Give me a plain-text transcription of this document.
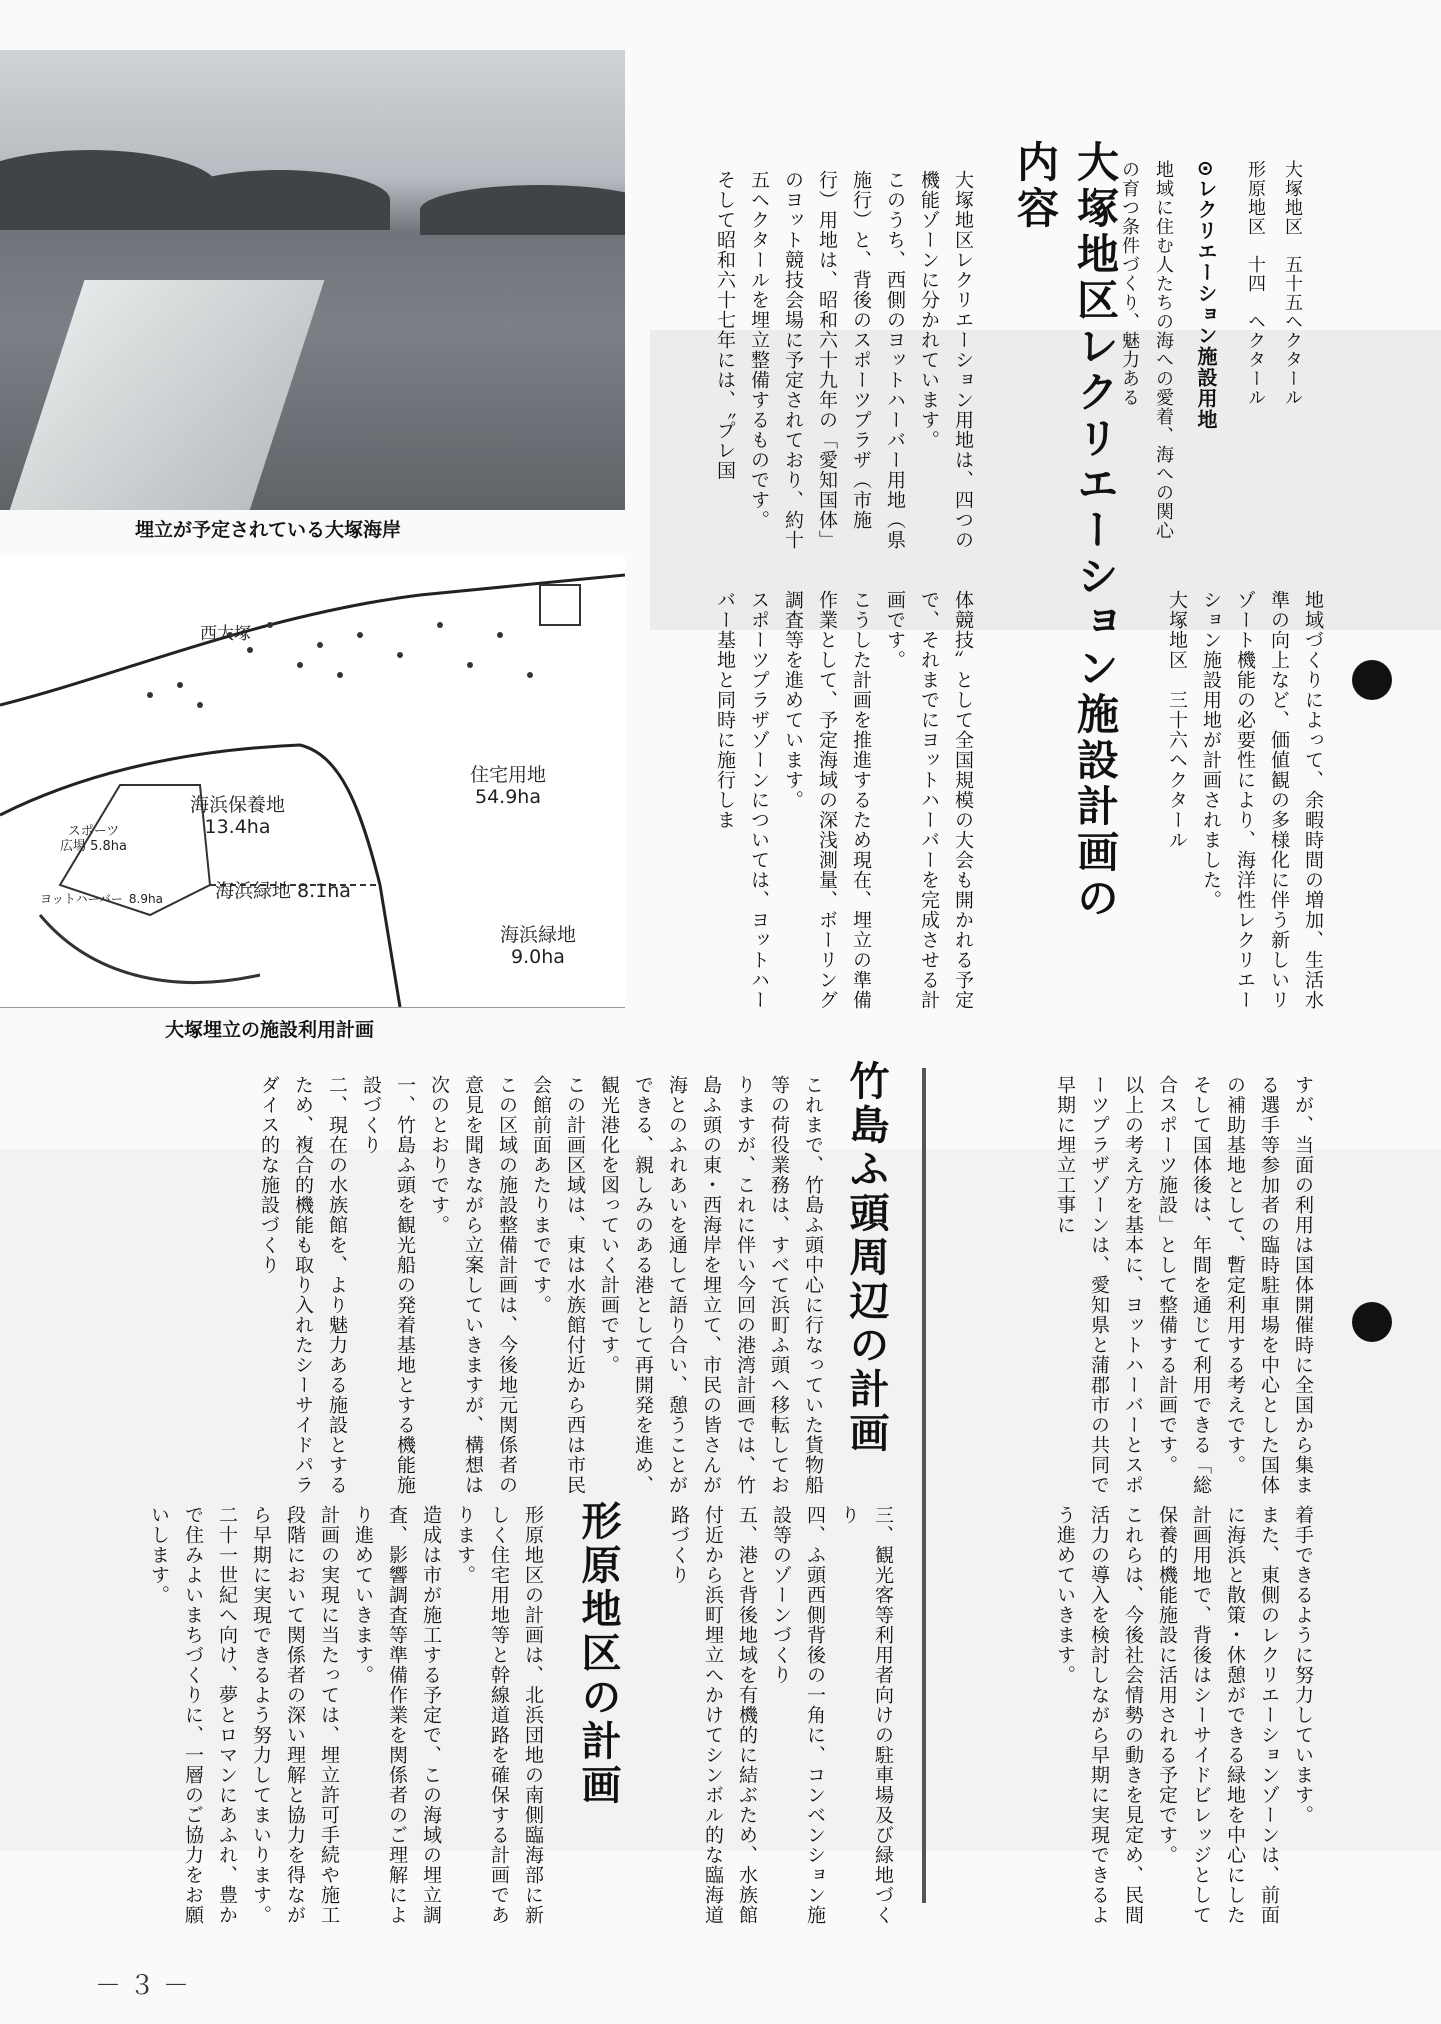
埋立が予定されている大塚海岸
西大塚
住宅用地
54.9ha
海浜保養地
13.4ha
スポーツ
広場 5.8ha
ヨットハーバー 8.9ha	海浜緑地 8.1ha
海浜緑地
9.0ha
大塚埋立の施設利用計画
大塚地区　五十五ヘクタール
形原地区　十四　ヘクタール
⊙レクリエーション施設用地
地域に住む人たちの海への愛着、海への関心の育つ条件づくり、魅力ある
大塚地区レクリエーション施設計画の内容
大塚地区レクリエーション用地は、四つの機能ゾーンに分かれています。
このうち、西側のヨットハーバー用地（県施行）と、背後のスポーツプラザ（市施行）用地は、昭和六十九年の「愛知国体」のヨット競技会場に予定されており、約十五ヘクタールを埋立整備するものです。
そして昭和六十七年には、〝プレ国
体競技〟として全国規模の大会も開かれる予定で、それまでにヨットハーバーを完成させる計画です。
こうした計画を推進するため現在、埋立の準備作業として、予定海域の深浅測量、ボーリング調査等を進めています。
スポーツプラザゾーンについては、ヨットハーバー基地と同時に施行しま	地域づくりによって、余暇時間の増加、生活水準の向上など、価値観の多様化に伴う新しいリゾート機能の必要性により、海洋性レクリエーション施設用地が計画されました。
大塚地区　三十六ヘクタール
すが、当面の利用は国体開催時に全国から集まる選手等参加者の臨時駐車場を中心とした国体の補助基地として、暫定利用する考えです。
そして国体後は、年間を通じて利用できる「総合スポーツ施設」として整備する計画です。
以上の考え方を基本に、ヨットハーバーとスポーツプラザゾーンは、愛知県と蒲郡市の共同で早期に埋立工事に
着手できるように努力しています。
また、東側のレクリエーションゾーンは、前面に海浜と散策・休憩ができる緑地を中心にした計画用地で、背後はシーサイドビレッジとして保養的機能施設に活用される予定です。
これらは、今後社会情勢の動きを見定め、民間活力の導入を検討しながら早期に実現できるよう進めていきます。
竹島ふ頭周辺の計画
これまで、竹島ふ頭中心に行なっていた貨物船等の荷役業務は、すべて浜町ふ頭へ移転しておりますが、これに伴い今回の港湾計画では、竹島ふ頭の東・西海岸を埋立て、市民の皆さんが海とのふれあいを通して語り合い、憩うことができる、親しみのある港として再開発を進め、観光港化を図っていく計画です。
この計画区域は、東は水族館付近から西は市民会館前面あたりまでです。
この区域の施設整備計画は、今後地元関係者の意見を聞きながら立案していきますが、構想は次のとおりです。
一、竹島ふ頭を観光船の発着基地とする機能施設づくり
二、現在の水族館を、より魅力ある施設とするため、複合的機能も取り入れたシーサイドパラダイス的な施設づくり
三、観光客等利用者向けの駐車場及び緑地づくり
四、ふ頭西側背後の一角に、コンベンション施設等のゾーンづくり
五、港と背後地域を有機的に結ぶため、水族館付近から浜町埋立へかけてシンボル的な臨海道路づくり
形原地区の計画
形原地区の計画は、北浜団地の南側臨海部に新しく住宅用地等と幹線道路を確保する計画であります。
造成は市が施工する予定で、この海域の埋立調査、影響調査等準備作業を関係者のご理解により進めていきます。
計画の実現に当たっては、埋立許可手続や施工段階において関係者の深い理解と協力を得ながら早期に実現できるよう努力してまいります。
二十一世紀へ向け、夢とロマンにあふれ、豊かで住みよいまちづくりに、一層のご協力をお願いします。
－３－
